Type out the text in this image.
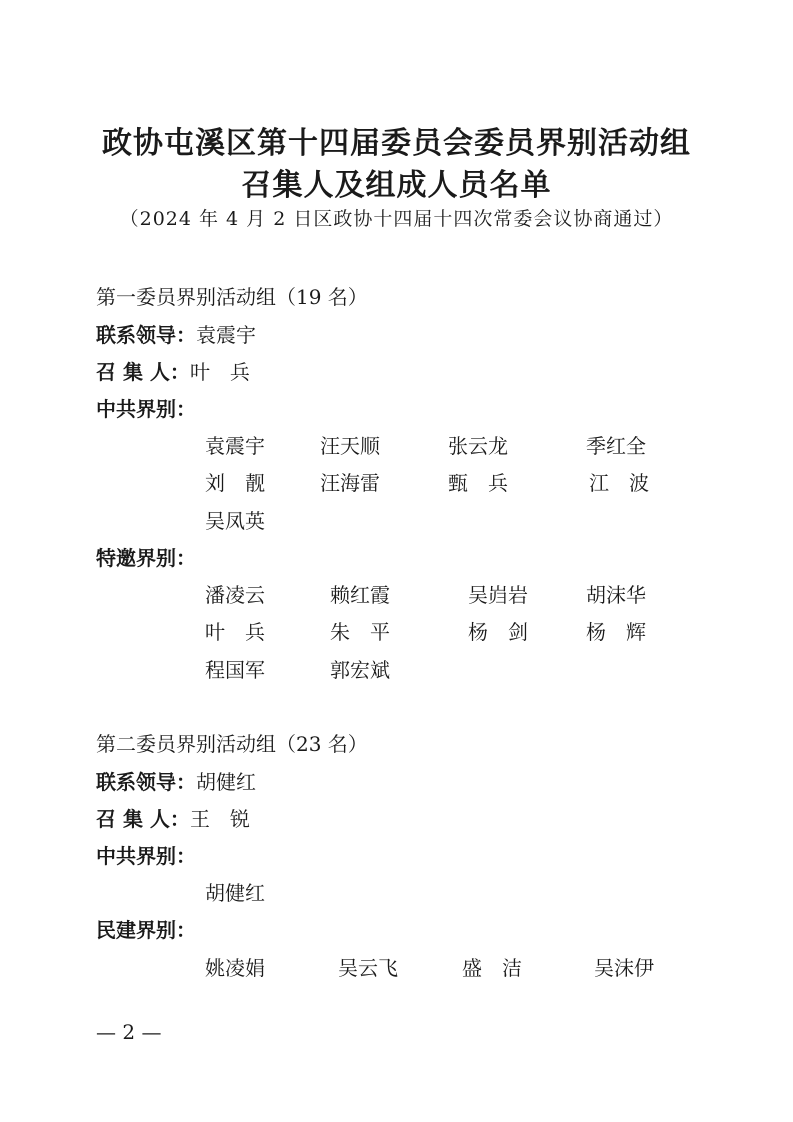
政协屯溪区第十四届委员会委员界别活动组
召集人及组成人员名单
（2024 年 4 月 2 日区政协十四届十四次常委会议协商通过）
第一委员界别活动组（19 名）
联系领导：袁震宇
召 集 人：叶　兵
中共界别：
袁震宇	汪天顺	张云龙	季红全
刘　靓	汪海雷	甄　兵	江　波
吴凤英
特邀界别：
潘凌云	赖红霞	吴岿岩	胡沫华
叶　兵	朱　平	杨　剑	杨　辉
程国军	郭宏斌
第二委员界别活动组（23 名）
联系领导：胡健红
召 集 人：王　锐
中共界别：
胡健红
民建界别：
姚凌娟	吴云飞	盛　洁	吴沫伊
— 2 —
